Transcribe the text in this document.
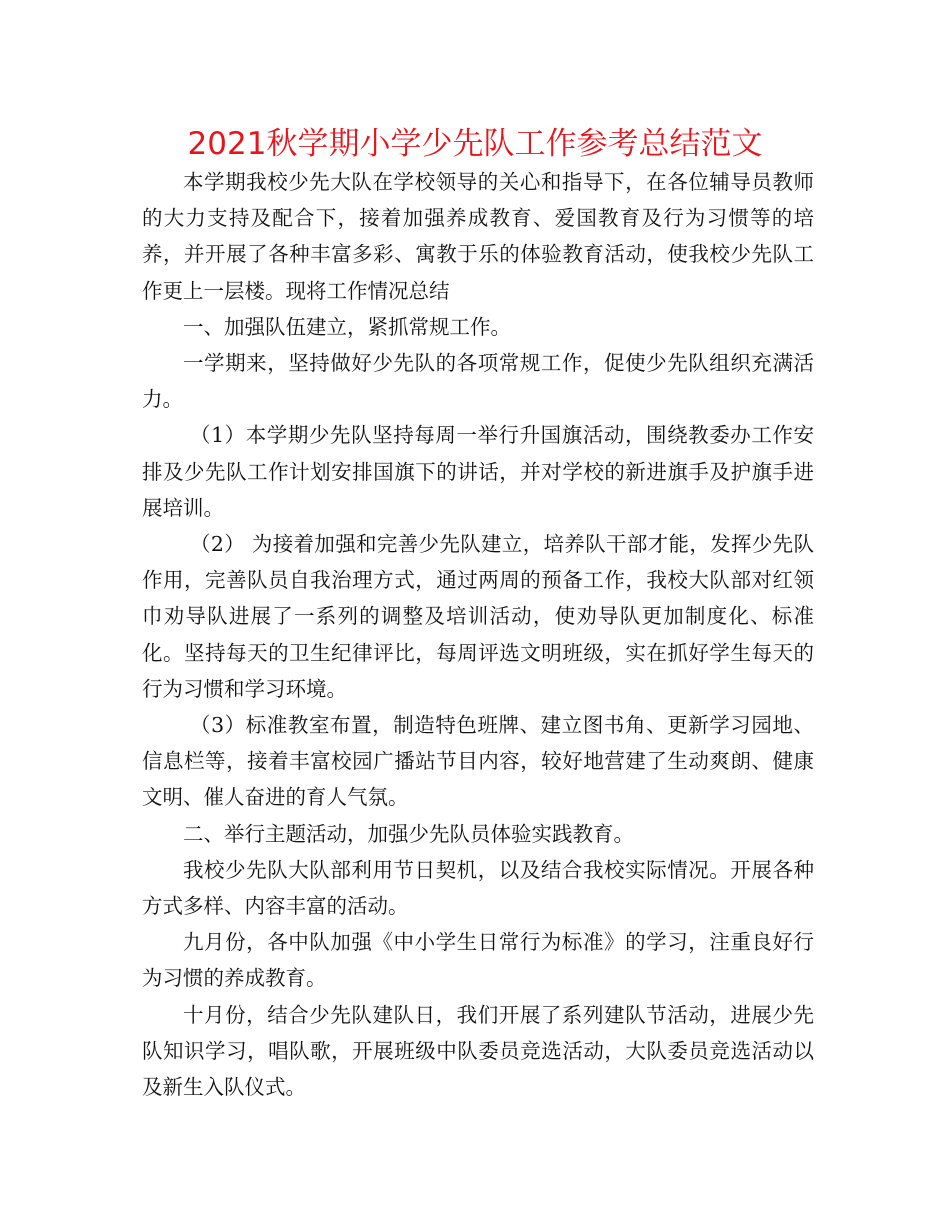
2021秋学期小学少先队工作参考总结范文

本学期我校少先大队在学校领导的关心和指导下，在各位辅导员教师的大力支持及配合下，接着加强养成教育、爱国教育及行为习惯等的培养，并开展了各种丰富多彩、寓教于乐的体验教育活动，使我校少先队工作更上一层楼。现将工作情况总结

一、加强队伍建立，紧抓常规工作。

一学期来，坚持做好少先队的各项常规工作，促使少先队组织充满活力。

（1）本学期少先队坚持每周一举行升国旗活动，围绕教委办工作安排及少先队工作计划安排国旗下的讲话，并对学校的新进旗手及护旗手进展培训。

（2） 为接着加强和完善少先队建立，培养队干部才能，发挥少先队作用，完善队员自我治理方式，通过两周的预备工作，我校大队部对红领巾劝导队进展了一系列的调整及培训活动，使劝导队更加制度化、标准化。坚持每天的卫生纪律评比，每周评选文明班级，实在抓好学生每天的行为习惯和学习环境。

（3）标准教室布置，制造特色班牌、建立图书角、更新学习园地、信息栏等，接着丰富校园广播站节目内容，较好地营建了生动爽朗、健康文明、催人奋进的育人气氛。

二、举行主题活动，加强少先队员体验实践教育。

我校少先队大队部利用节日契机，以及结合我校实际情况。开展各种方式多样、内容丰富的活动。

九月份，各中队加强《中小学生日常行为标准》的学习，注重良好行为习惯的养成教育。

十月份，结合少先队建队日，我们开展了系列建队节活动，进展少先队知识学习，唱队歌，开展班级中队委员竞选活动，大队委员竞选活动以及新生入队仪式。
